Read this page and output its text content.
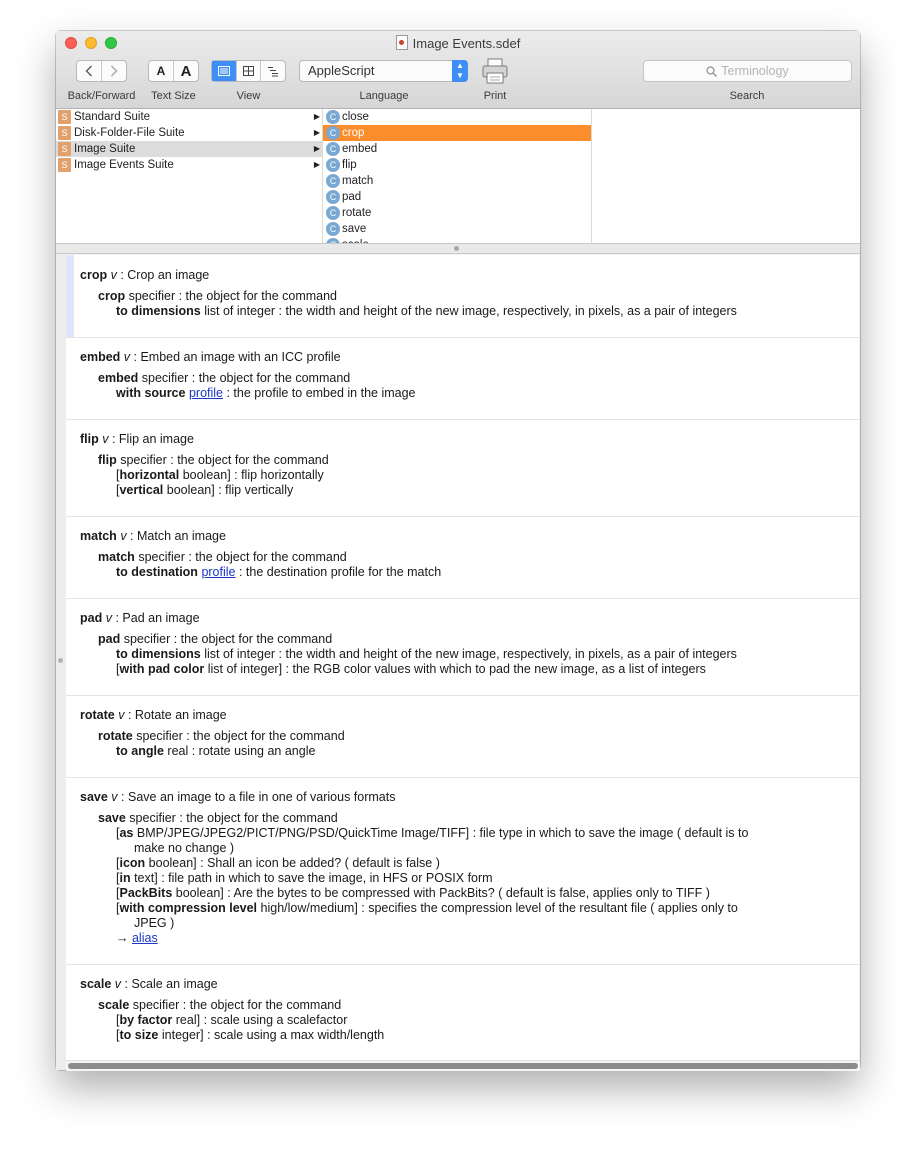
Image Events.sdef
Back/Forward
A	A
Text Size	View
AppleScript	▲
▼
Language	Print
Terminology
Search
S Standard Suite	▶
S Disk-Folder-File Suite	▶
S Image Suite	▶
S Image Events Suite	▶
C close
C crop
C embed
C flip
C match
C pad
C rotate
C save
crop v : Crop an image
crop specifier : the object for the command
to dimensions list of integer : the width and height of the new image, respectively, in pixels, as a pair of integers
embed v : Embed an image with an ICC profile
embed specifier : the object for the command
with source profile : the profile to embed in the image
flip v : Flip an image
flip specifier : the object for the command
[horizontal boolean] : flip horizontally
[vertical boolean] : flip vertically
match v : Match an image
match specifier : the object for the command
to destination profile : the destination profile for the match
pad v : Pad an image
pad specifier : the object for the command
to dimensions list of integer : the width and height of the new image, respectively, in pixels, as a pair of integers
[with pad color list of integer] : the RGB color values with which to pad the new image, as a list of integers
rotate v : Rotate an image
rotate specifier : the object for the command
to angle real : rotate using an angle
save v : Save an image to a file in one of various formats
save specifier : the object for the command
[as BMP/JPEG/JPEG2/PICT/PNG/PSD/QuickTime Image/TIFF] : file type in which to save the image ( default is to
make no change )
[icon boolean] : Shall an icon be added? ( default is false )
[in text] : file path in which to save the image, in HFS or POSIX form
[PackBits boolean] : Are the bytes to be compressed with PackBits? ( default is false, applies only to TIFF )
[with compression level high/low/medium] : specifies the compression level of the resultant file ( applies only to
JPEG )
→ alias
scale v : Scale an image
scale specifier : the object for the command
[by factor real] : scale using a scalefactor
[to size integer] : scale using a max width/length
